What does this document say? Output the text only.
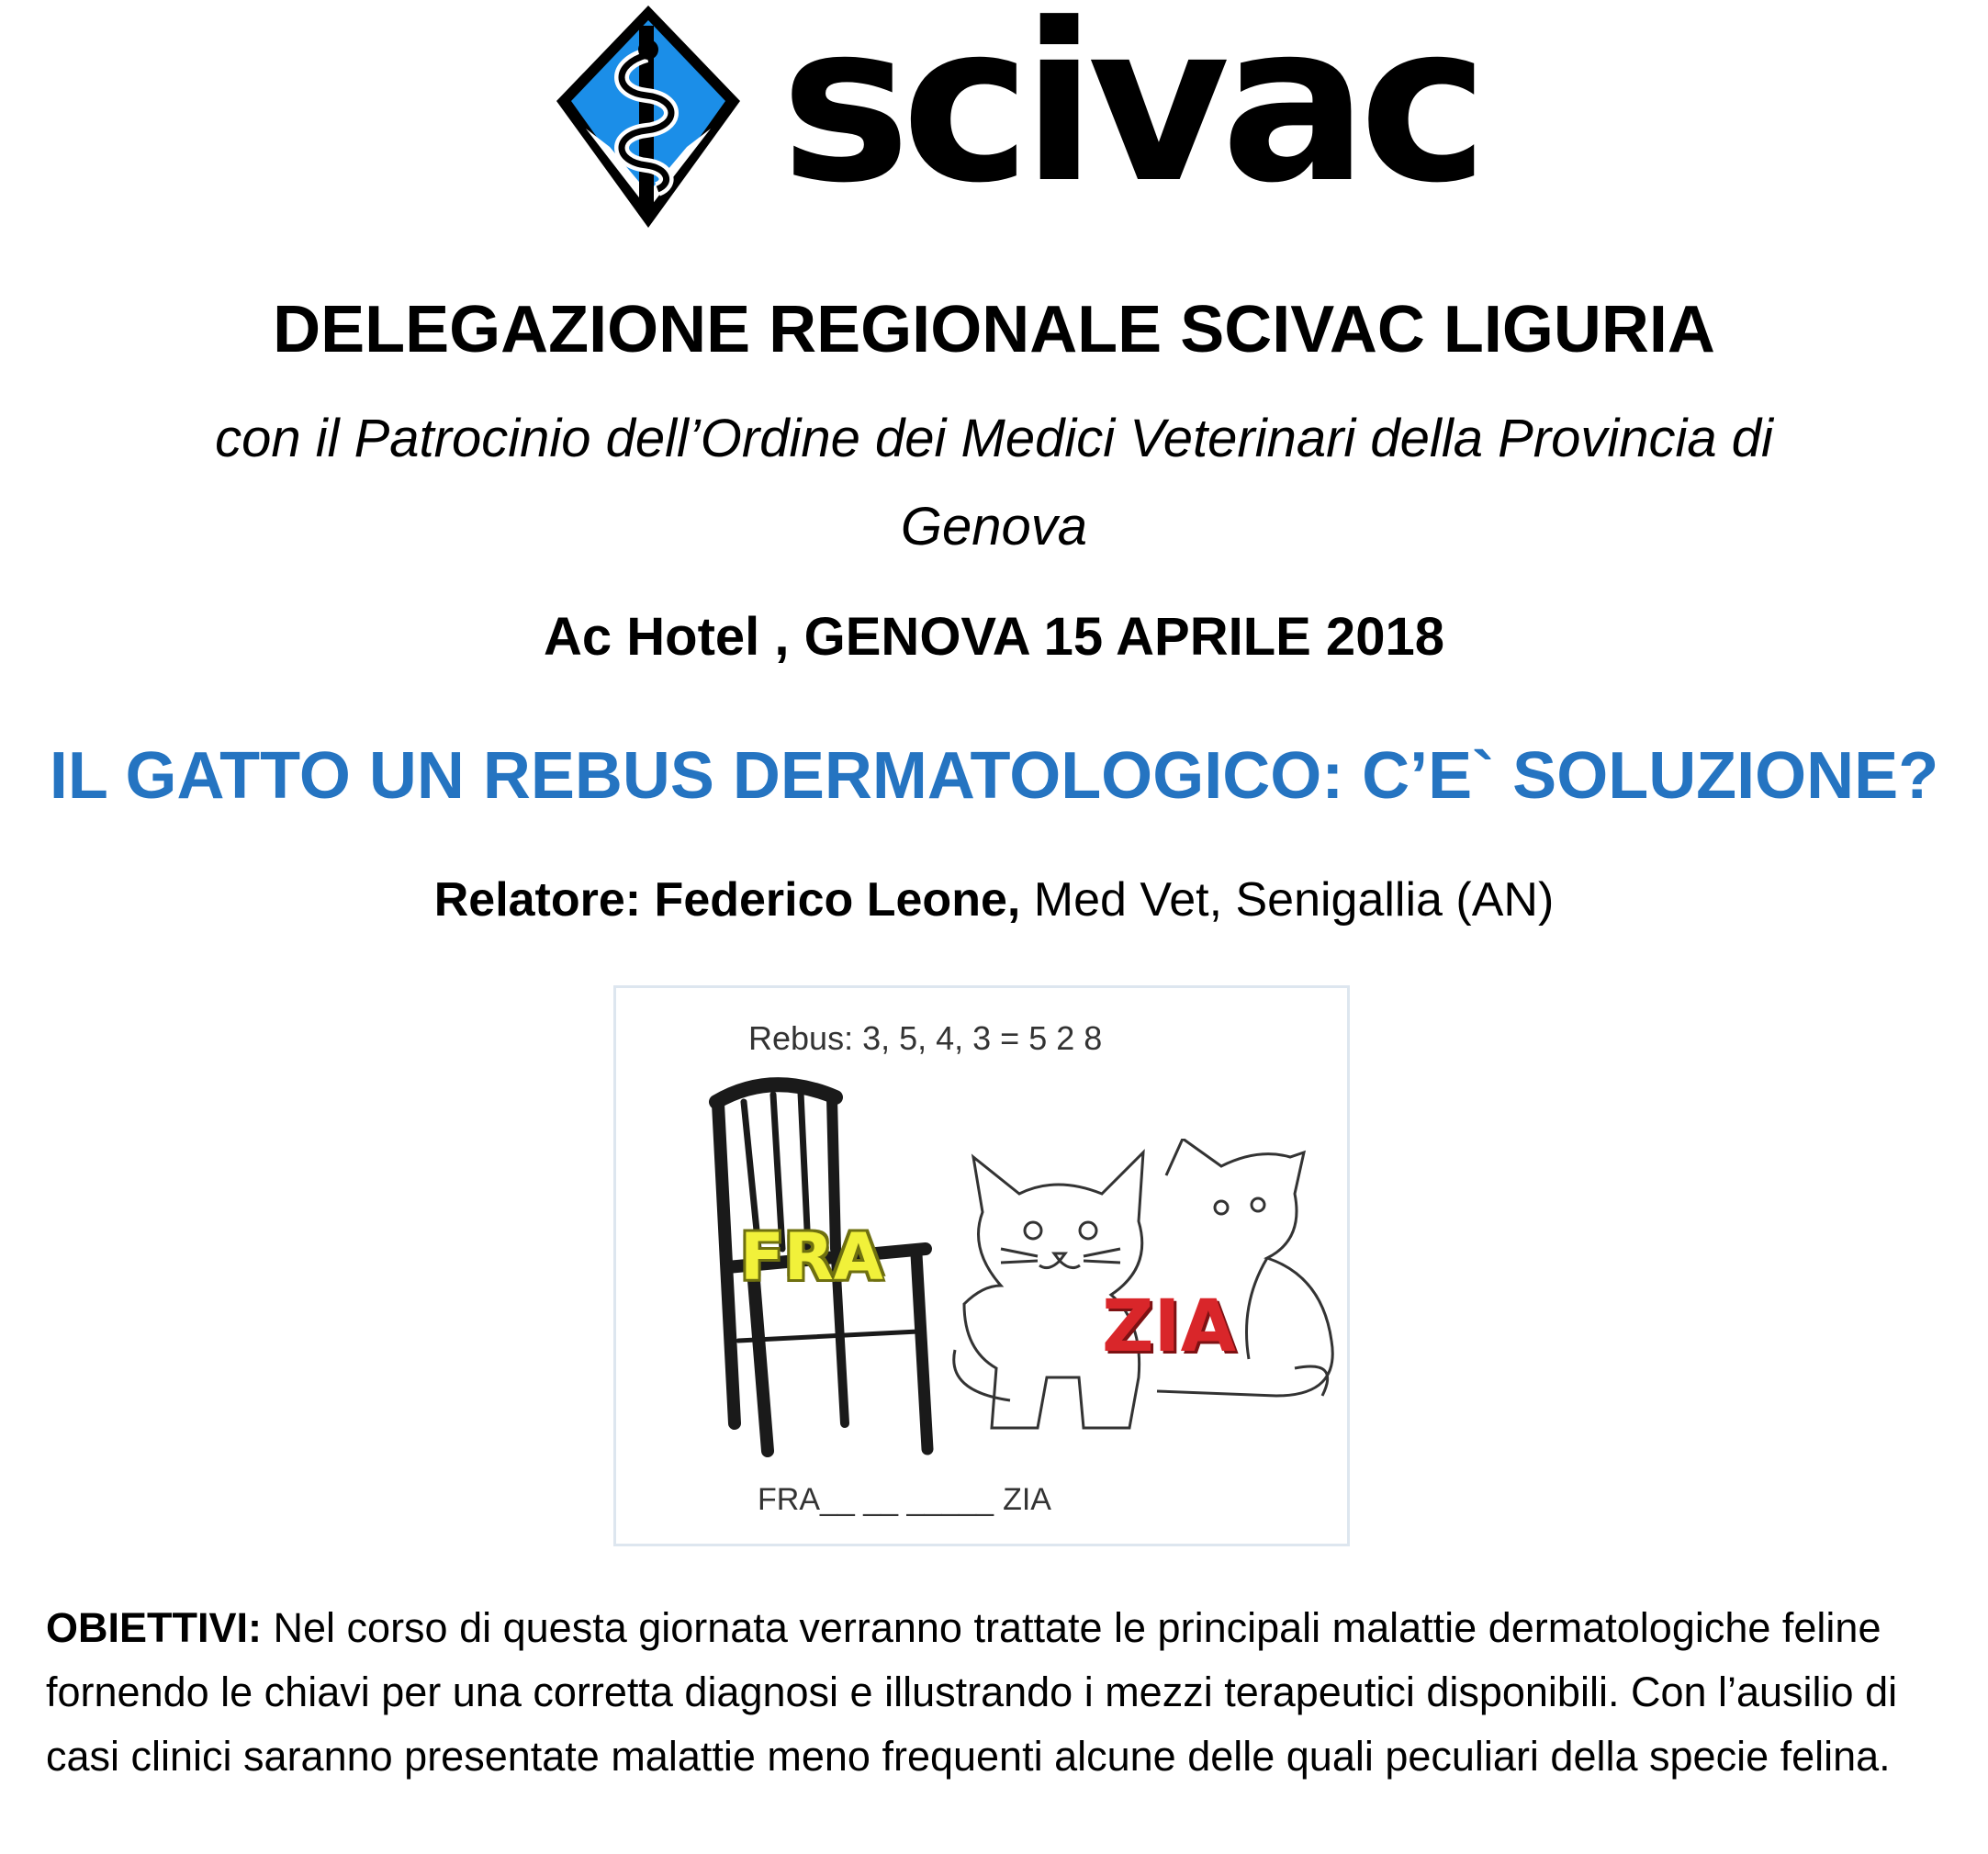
scivac
DELEGAZIONE REGIONALE SCIVAC LIGURIA
con il Patrocinio dell’Ordine dei Medici Veterinari della Provincia di Genova
Ac Hotel , GENOVA 15 APRILE 2018
IL GATTO UN REBUS DERMATOLOGICO: C’E` SOLUZIONE?
Relatore: Federico Leone, Med Vet, Senigallia (AN)
Rebus: 3, 5, 4, 3 = 5 2 8
FRA
ZIA
FRA__ __ _____ ZIA
OBIETTIVI: Nel corso di questa giornata verranno trattate le principali malattie dermatologiche feline fornendo le chiavi per una corretta diagnosi e illustrando i mezzi terapeutici disponibili. Con l’ausilio di casi clinici saranno presentate malattie meno frequenti alcune delle quali peculiari della specie felina.
